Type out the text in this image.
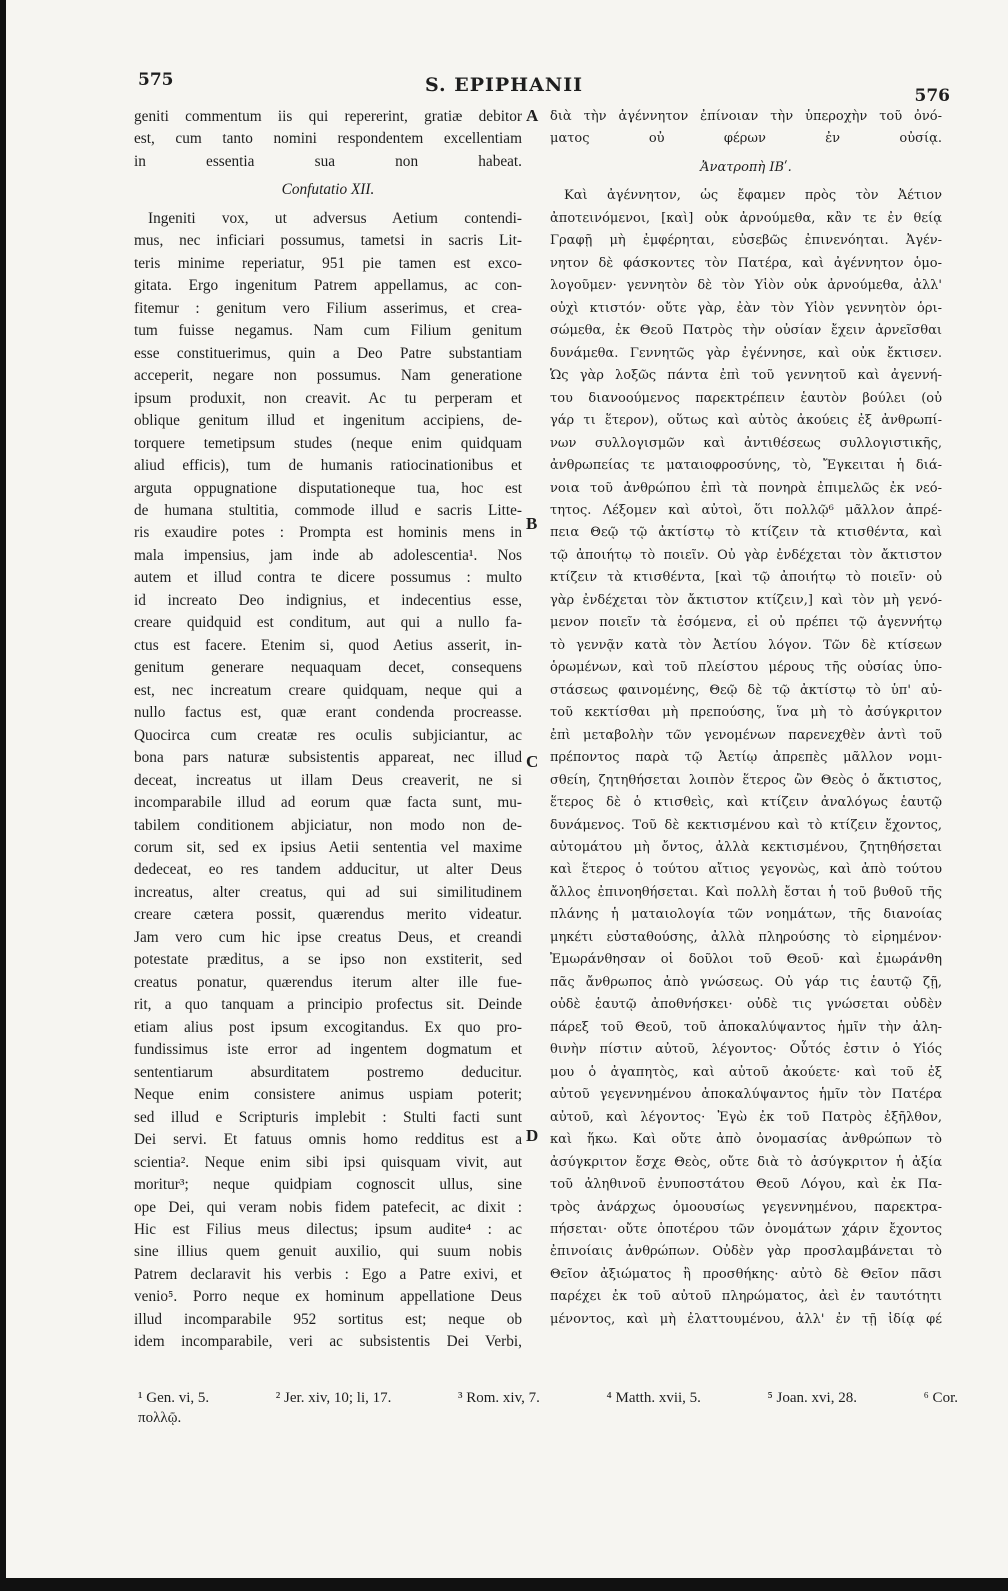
575	S. EPIPHANII	576
A
B
C
D
geniti commentum iis qui repererint, gratiæ debitor
est, cum tanto nomini respondentem excellentiam
in essentia sua non habeat.
Confutatio XII.
Ingeniti vox, ut adversus Aetium contendi-
mus, nec inficiari possumus, tametsi in sacris Lit-
teris minime reperiatur, 951 pie tamen est exco-
gitata. Ergo ingenitum Patrem appellamus, ac con-
fitemur : genitum vero Filium asserimus, et crea-
tum fuisse negamus. Nam cum Filium genitum
esse constituerimus, quin a Deo Patre substantiam
acceperit, negare non possumus. Nam generatione
ipsum produxit, non creavit. Ac tu perperam et
oblique genitum illud et ingenitum accipiens, de-
torquere temetipsum studes (neque enim quidquam
aliud efficis), tum de humanis ratiocinationibus et
arguta oppugnatione disputationeque tua, hoc est
de humana stultitia, commode illud e sacris Litte-
ris exaudire potes : Prompta est hominis mens in
mala impensius, jam inde ab adolescentia¹. Nos
autem et illud contra te dicere possumus : multo
id increato Deo indignius, et indecentius esse,
creare quidquid est conditum, aut qui a nullo fa-
ctus est facere. Etenim si, quod Aetius asserit, in-
genitum generare nequaquam decet, consequens
est, nec increatum creare quidquam, neque qui a
nullo factus est, quæ erant condenda procreasse.
Quocirca cum creatæ res oculis subjiciantur, ac
bona pars naturæ subsistentis appareat, nec illud
deceat, increatus ut illam Deus creaverit, ne si
incomparabile illud ad eorum quæ facta sunt, mu-
tabilem conditionem abjiciatur, non modo non de-
corum sit, sed ex ipsius Aetii sententia vel maxime
dedeceat, eo res tandem adducitur, ut alter Deus
increatus, alter creatus, qui ad sui similitudinem
creare cætera possit, quærendus merito videatur.
Jam vero cum hic ipse creatus Deus, et creandi
potestate præditus, a se ipso non exstiterit, sed
creatus ponatur, quærendus iterum alter ille fue-
rit, a quo tanquam a principio profectus sit. Deinde
etiam alius post ipsum excogitandus. Ex quo pro-
fundissimus iste error ad ingentem dogmatum et
sententiarum absurditatem postremo deducitur.
Neque enim consistere animus uspiam poterit;
sed illud e Scripturis implebit : Stulti facti sunt
Dei servi. Et fatuus omnis homo redditus est a
scientia². Neque enim sibi ipsi quisquam vivit, aut
moritur³; neque quidpiam cognoscit ullus, sine
ope Dei, qui veram nobis fidem patefecit, ac dixit :
Hic est Filius meus dilectus; ipsum audite⁴ : ac
sine illius quem genuit auxilio, qui suum nobis
Patrem declaravit his verbis : Ego a Patre exivi, et
venio⁵. Porro neque ex hominum appellatione Deus
illud incomparabile 952 sortitus est; neque ob
idem incomparabile, veri ac subsistentis Dei Verbi,
διὰ τὴν ἀγέννητον ἐπίνοιαν τὴν ὑπεροχὴν τοῦ ὀνό-
ματος οὐ φέρων ἐν οὐσίᾳ.
Ἀνατροπὴ ΙΒʹ.
Καὶ ἀγέννητον, ὡς ἔφαμεν πρὸς τὸν Ἀέτιον
ἀποτεινόμενοι, [καὶ] οὐκ ἀρνούμεθα, κἂν τε ἐν θείᾳ
Γραφῇ μὴ ἐμφέρηται, εὐσεβῶς ἐπινενόηται. Ἀγέν-
νητον δὲ φάσκοντες τὸν Πατέρα, καὶ ἀγέννητον ὁμο-
λογοῦμεν· γεννητὸν δὲ τὸν Υἱὸν οὐκ ἀρνούμεθα, ἀλλ'
οὐχὶ κτιστόν· οὔτε γὰρ, ἐὰν τὸν Υἱὸν γεννητὸν ὁρι-
σώμεθα, ἐκ Θεοῦ Πατρὸς τὴν οὐσίαν ἔχειν ἀρνεῖσθαι
δυνάμεθα. Γεννητῶς γὰρ ἐγέννησε, καὶ οὐκ ἔκτισεν.
Ὡς γὰρ λοξῶς πάντα ἐπὶ τοῦ γεννητοῦ καὶ ἀγεννή-
του διανοούμενος παρεκτρέπειν ἑαυτὸν βούλει (οὐ
γάρ τι ἕτερον), οὕτως καὶ αὐτὸς ἀκούεις ἐξ ἀνθρωπί-
νων συλλογισμῶν καὶ ἀντιθέσεως συλλογιστικῆς,
ἀνθρωπείας τε ματαιοφροσύνης, τὸ, Ἔγκειται ἡ διά-
νοια τοῦ ἀνθρώπου ἐπὶ τὰ πονηρὰ ἐπιμελῶς ἐκ νεό-
τητος. Λέξομεν καὶ αὐτοὶ, ὅτι πολλῷ⁶ μᾶλλον ἀπρέ-
πεια Θεῷ τῷ ἀκτίστῳ τὸ κτίζειν τὰ κτισθέντα, καὶ
τῷ ἀποιήτῳ τὸ ποιεῖν. Οὐ γὰρ ἐνδέχεται τὸν ἄκτιστον
κτίζειν τὰ κτισθέντα, [καὶ τῷ ἀποιήτῳ τὸ ποιεῖν· οὐ
γὰρ ἐνδέχεται τὸν ἄκτιστον κτίζειν,] καὶ τὸν μὴ γενό-
μενον ποιεῖν τὰ ἐσόμενα, εἰ οὐ πρέπει τῷ ἀγεννήτῳ
τὸ γεννᾷν κατὰ τὸν Ἀετίου λόγον. Τῶν δὲ κτίσεων
ὁρωμένων, καὶ τοῦ πλείστου μέρους τῆς οὐσίας ὑπο-
στάσεως φαινομένης, Θεῷ δὲ τῷ ἀκτίστῳ τὸ ὑπ' αὐ-
τοῦ κεκτίσθαι μὴ πρεπούσης, ἵνα μὴ τὸ ἀσύγκριτον
ἐπὶ μεταβολὴν τῶν γενομένων παρενεχθὲν ἀντὶ τοῦ
πρέποντος παρὰ τῷ Ἀετίῳ ἀπρεπὲς μᾶλλον νομι-
σθείη, ζητηθήσεται λοιπὸν ἕτερος ὢν Θεὸς ὁ ἄκτιστος,
ἕτερος δὲ ὁ κτισθεὶς, καὶ κτίζειν ἀναλόγως ἑαυτῷ
δυνάμενος. Τοῦ δὲ κεκτισμένου καὶ τὸ κτίζειν ἔχοντος,
αὐτομάτου μὴ ὄντος, ἀλλὰ κεκτισμένου, ζητηθήσεται
καὶ ἕτερος ὁ τούτου αἴτιος γεγονὼς, καὶ ἀπὸ τούτου
ἄλλος ἐπινοηθήσεται. Καὶ πολλὴ ἔσται ἡ τοῦ βυθοῦ τῆς
πλάνης ἡ ματαιολογία τῶν νοημάτων, τῆς διανοίας
μηκέτι εὐσταθούσης, ἀλλὰ πληρούσης τὸ εἰρημένον·
Ἐμωράνθησαν οἱ δοῦλοι τοῦ Θεοῦ· καὶ ἐμωράνθη
πᾶς ἄνθρωπος ἀπὸ γνώσεως. Οὐ γάρ τις ἑαυτῷ ζῇ,
οὐδὲ ἑαυτῷ ἀποθνήσκει· οὐδὲ τις γνώσεται οὐδὲν
πάρεξ τοῦ Θεοῦ, τοῦ ἀποκαλύψαντος ἡμῖν τὴν ἀλη-
θινὴν πίστιν αὐτοῦ, λέγοντος· Οὗτός ἐστιν ὁ Υἱός
μου ὁ ἀγαπητὸς, καὶ αὐτοῦ ἀκούετε· καὶ τοῦ ἐξ
αὐτοῦ γεγεννημένου ἀποκαλύψαντος ἡμῖν τὸν Πατέρα
αὐτοῦ, καὶ λέγοντος· Ἐγὼ ἐκ τοῦ Πατρὸς ἐξῆλθον,
καὶ ἥκω. Καὶ οὔτε ἀπὸ ὀνομασίας ἀνθρώπων τὸ
ἀσύγκριτον ἔσχε Θεὸς, οὔτε διὰ τὸ ἀσύγκριτον ἡ ἀξία
τοῦ ἀληθινοῦ ἐνυποστάτου Θεοῦ Λόγου, καὶ ἐκ Πα-
τρὸς ἀνάρχως ὁμοουσίως γεγεννημένου, παρεκτρα-
πήσεται· οὔτε ὁποτέρου τῶν ὀνομάτων χάριν ἔχοντος
ἐπινοίαις ἀνθρώπων. Οὐδὲν γὰρ προσλαμβάνεται τὸ
Θεῖον ἀξιώματος ἢ προσθήκης· αὐτὸ δὲ Θεῖον πᾶσι
παρέχει ἐκ τοῦ αὐτοῦ πληρώματος, ἀεὶ ἐν ταυτότητι
μένοντος, καὶ μὴ ἐλαττουμένου, ἀλλ' ἐν τῇ ἰδίᾳ φέ
¹ Gen. vi, 5.	² Jer. xiv, 10; li, 17.	³ Rom. xiv, 7.	⁴ Matth. xvii, 5.	⁵ Joan. xvi, 28.	⁶ Cor.
πολλῷ.
